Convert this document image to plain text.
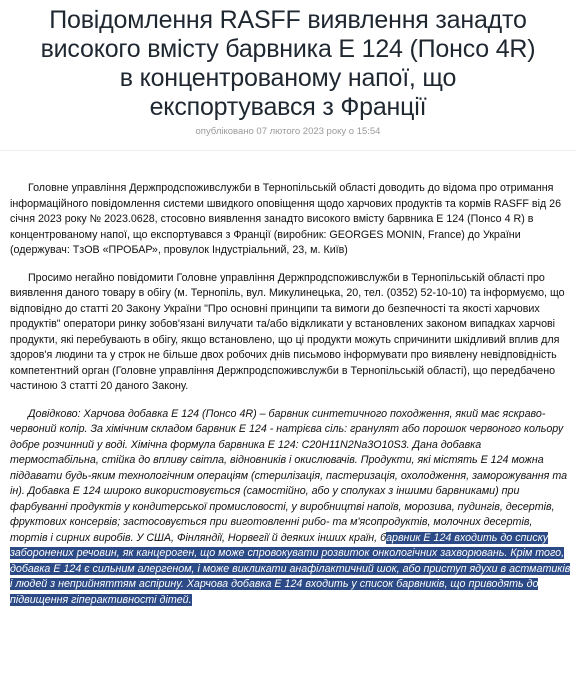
Повідомлення RASFF виявлення занадто високого вмісту барвника E 124 (Понсо 4R) в концентрованому напої, що експортувався з Франції
опубліковано 07 лютого 2023 року о 15:54

Головне управління Держпродспоживслужби в Тернопільській області доводить до відома про отримання інформаційного повідомлення системи швидкого оповіщення щодо харчових продуктів та кормів RASFF від 26 січня 2023 року № 2023.0628, стосовно виявлення занадто високого вмісту барвника E 124 (Понсо 4 R) в концентрованому напої, що експортувався з Франції (виробник: GEORGES MONIN, France) до України (одержувач: ТзОВ «ПРОБАР», провулок Індустріальний, 23, м. Київ)

Просимо негайно повідомити Головне управління Держпродспоживслужби в Тернопільській області про виявлення даного товару в обігу (м. Тернопіль, вул. Микулинецька, 20, тел. (0352) 52-10-10) та інформуємо, що відповідно до статті 20 Закону України "Про основні принципи та вимоги до безпечності та якості харчових продуктів" оператори ринку зобов'язані вилучати та/або відкликати у встановлених законом випадках харчові продукти, які перебувають в обігу, якщо встановлено, що ці продукти можуть спричинити шкідливий вплив для здоров'я людини та у строк не більше двох робочих днів письмово інформувати про виявлену невідповідність компетентний орган (Головне управління Держпродспоживслужби в Тернопільській області), що передбачено частиною 3 статті 20 даного Закону.

Довідково: Харчова добавка Е 124 (Понсо 4R) – барвник синтетичного походження, який має яскраво-червоний колір. За хімічним складом барвник Е 124 - натрієва сіль: гранулят або порошок червоного кольору добре розчинний у воді. Хімічна формула барвника E 124: C20H11N2Na3O10S3. Дана добавка термостабільна, стійка до впливу світла, відновників і окислювачів. Продукти, які містять Е 124 можна піддавати будь-яким технологічним операціям (стерилізація, пастеризація, охолодження, заморожування та ін). Добавка Е 124 широко використовується (самостійно, або у сполуках з іншими барвниками) при фарбуванні продуктів у кондитерської промисловості, у виробництві напоїв, морозива, пудингів, десертів, фруктових консервів; застосовується при виготовленні рибо- та м'ясопродуктів, молочних десертів, тортів і сирних виробів. У США, Фінляндії, Норвегії й деяких інших країн, барвник Е 124 входить до списку заборонених речовин, як канцероген, що може спровокувати розвиток онкологічних захворювань. Крім того, добавка Е 124 є сильним алергеном, і може викликати анафілактичний шок, або приступ ядухи в астматиків і людей з неприйняттям аспірину. Харчова добавка Е 124 входить у список барвників, що приводять до підвищення гіперактивності дітей.
